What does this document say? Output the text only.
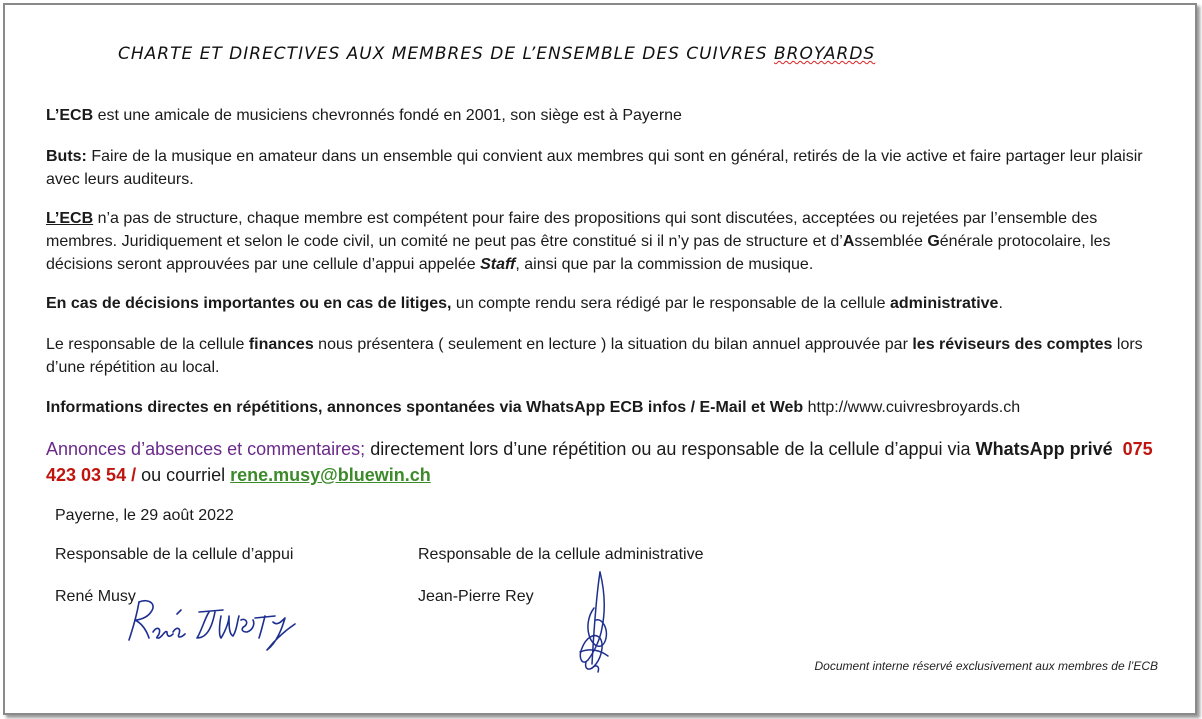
CHARTE ET DIRECTIVES AUX MEMBRES DE L’ENSEMBLE DES CUIVRES BROYARDS
L’ECB est une amicale de musiciens chevronnés fondé en 2001, son siège est à Payerne
Buts: Faire de la musique en amateur dans un ensemble qui convient aux membres qui sont en général, retirés de la vie active et faire partager leur plaisir avec leurs auditeurs.
L’ECB n’a pas de structure, chaque membre est compétent pour faire des propositions qui sont discutées, acceptées ou rejetées par l’ensemble des membres. Juridiquement et selon le code civil, un comité ne peut pas être constitué si il n’y pas de structure et d’Assemblée Générale protocolaire, les décisions seront approuvées par une cellule d’appui appelée Staff, ainsi que par la commission de musique.
En cas de décisions importantes ou en cas de litiges, un compte rendu sera rédigé par le responsable de la cellule administrative.
Le responsable de la cellule finances nous présentera ( seulement en lecture ) la situation du bilan annuel approuvée par les réviseurs des comptes lors d’une répétition au local.
Informations directes en répétitions, annonces spontanées via WhatsApp ECB infos / E-Mail et Web http://www.cuivresbroyards.ch
Annonces d’absences et commentaires; directement lors d’une répétition ou au responsable de la cellule d’appui via WhatsApp privé 075 423 03 54 / ou courriel rene.musy@bluewin.ch
Payerne, le 29 août 2022
Responsable de la cellule d’appui	Responsable de la cellule administrative
René Musy	Jean-Pierre Rey
Document interne réservé exclusivement aux membres de l’ECB
